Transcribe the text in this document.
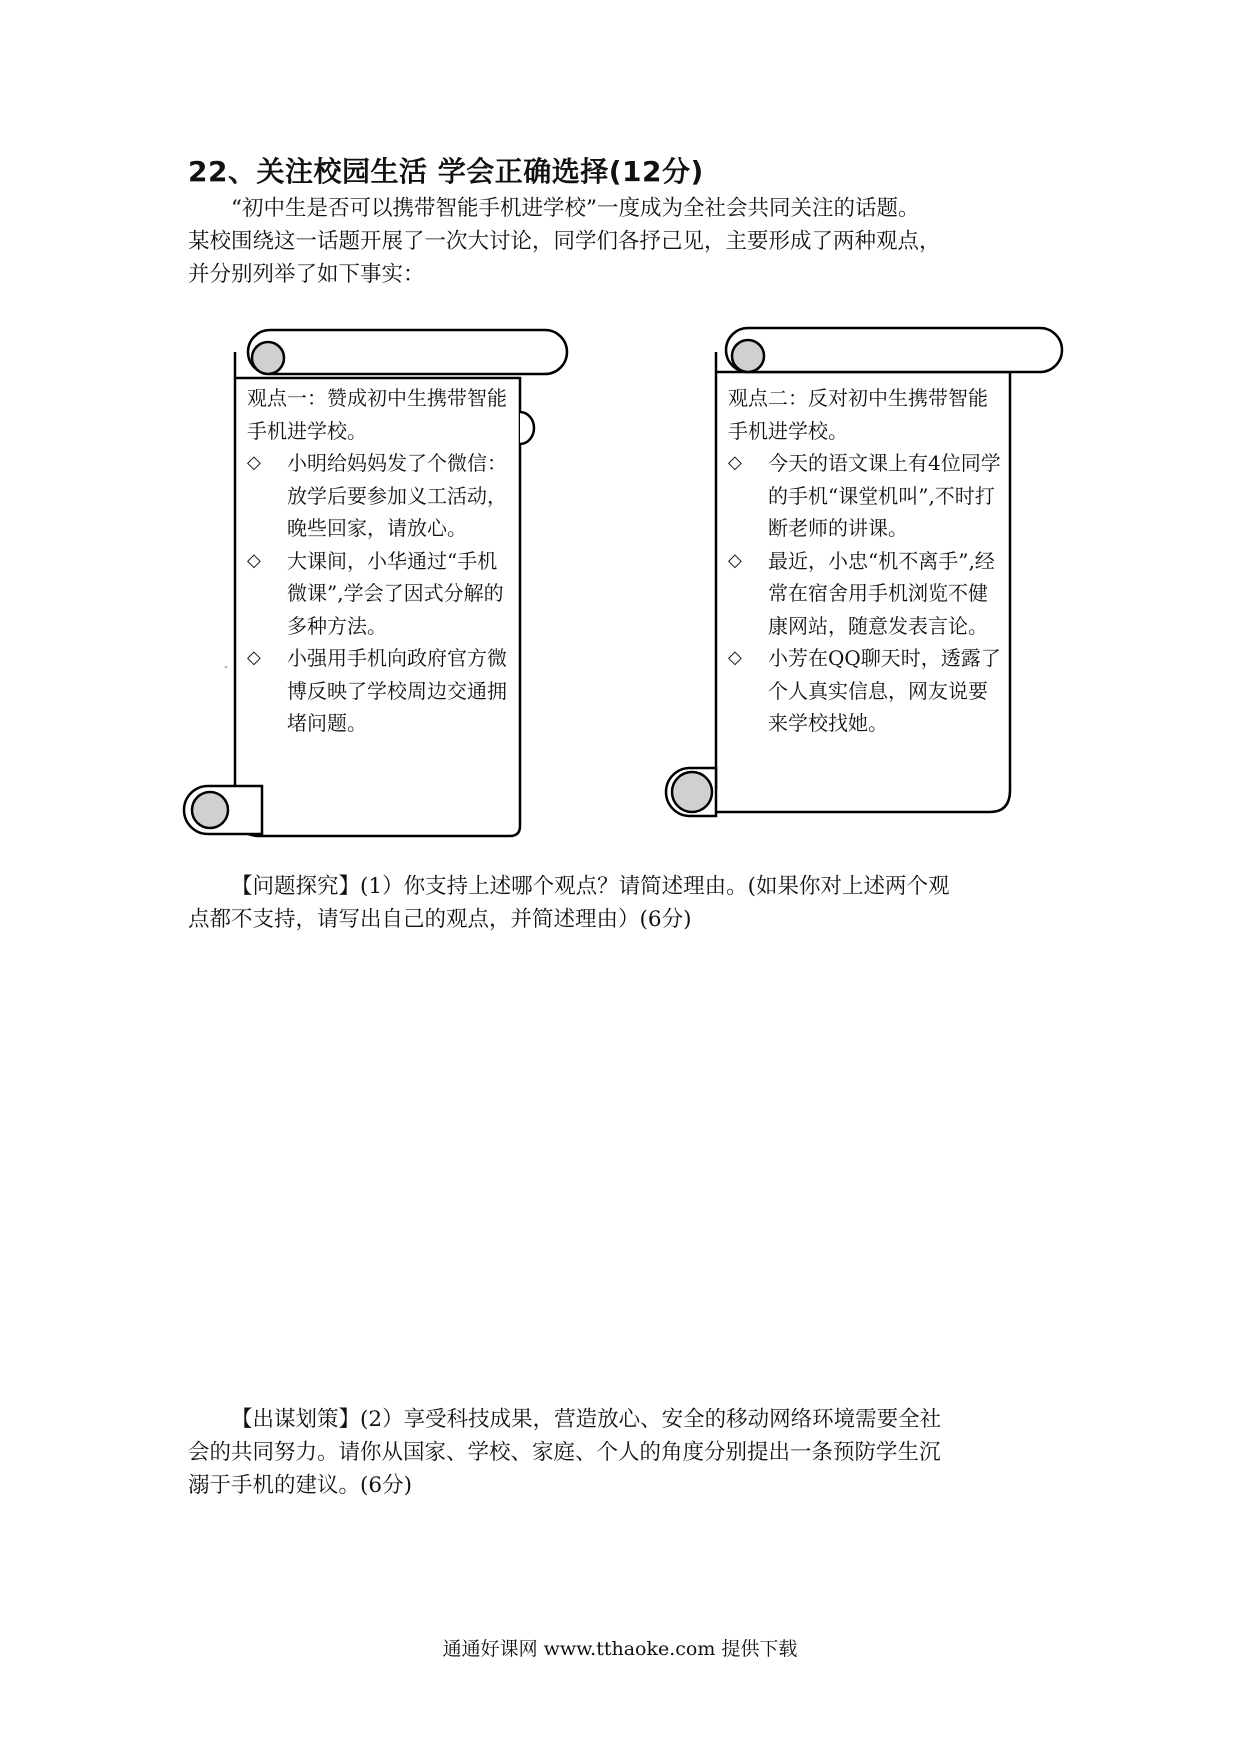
22、关注校园生活 学会正确选择(12分)
“初中生是否可以携带智能手机进学校”一度成为全社会共同关注的话题。
某校围绕这一话题开展了一次大讨论，同学们各抒己见，主要形成了两种观点，
并分别列举了如下事实：
"

观点一：赞成初中生携带智能手机进学校。

◇ 小明给妈妈发了个微信：放学后要参加义工活动，晚些回家，请放心。
◇ 大课间，小华通过“手机微课”,学会了因式分解的多种方法。
◇ 小强用手机向政府官方微博反映了学校周边交通拥堵问题。

观点二：反对初中生携带智能手机进学校。

◇ 今天的语文课上有4位同学的手机“课堂机叫”,不时打断老师的讲课。
◇ 最近，小忠“机不离手”,经常在宿舍用手机浏览不健康网站，随意发表言论。
◇ 小芳在QQ聊天时，透露了个人真实信息，网友说要来学校找她。
【问题探究】(1）你支持上述哪个观点？请简述理由。(如果你对上述两个观
点都不支持，请写出自己的观点，并简述理由）(6分)
【出谋划策】(2）享受科技成果，营造放心、安全的移动网络环境需要全社
会的共同努力。请你从国家、学校、家庭、个人的角度分别提出一条预防学生沉
溺于手机的建议。(6分)
通通好课网 www.tthaoke.com 提供下载
